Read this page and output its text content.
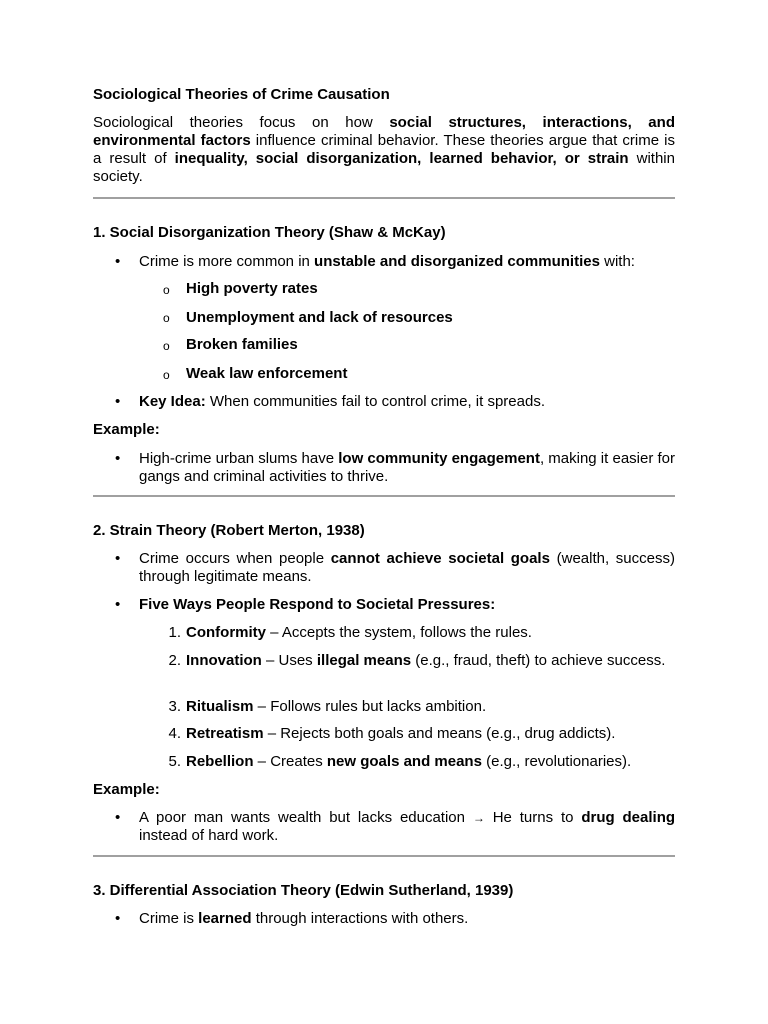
Sociological Theories of Crime Causation

Sociological theories focus on how social structures, interactions, and environmental factors influence criminal behavior. These theories argue that crime is a result of inequality, social disorganization, learned behavior, or strain within society.

1. Social Disorganization Theory (Shaw & McKay)
• Crime is more common in unstable and disorganized communities with:
o High poverty rates
o Unemployment and lack of resources
o Broken families
o Weak law enforcement
• Key Idea: When communities fail to control crime, it spreads.
Example:
• High-crime urban slums have low community engagement, making it easier for gangs and criminal activities to thrive.
2. Strain Theory (Robert Merton, 1938)
• Crime occurs when people cannot achieve societal goals (wealth, success) through legitimate means.
• Five Ways People Respond to Societal Pressures:
1. Conformity – Accepts the system, follows the rules.
2. Innovation – Uses illegal means (e.g., fraud, theft) to achieve success.
3. Ritualism – Follows rules but lacks ambition.
4. Retreatism – Rejects both goals and means (e.g., drug addicts).
5. Rebellion – Creates new goals and means (e.g., revolutionaries).
Example:
• A poor man wants wealth but lacks education → He turns to drug dealing instead of hard work.
3. Differential Association Theory (Edwin Sutherland, 1939)
• Crime is learned through interactions with others.
